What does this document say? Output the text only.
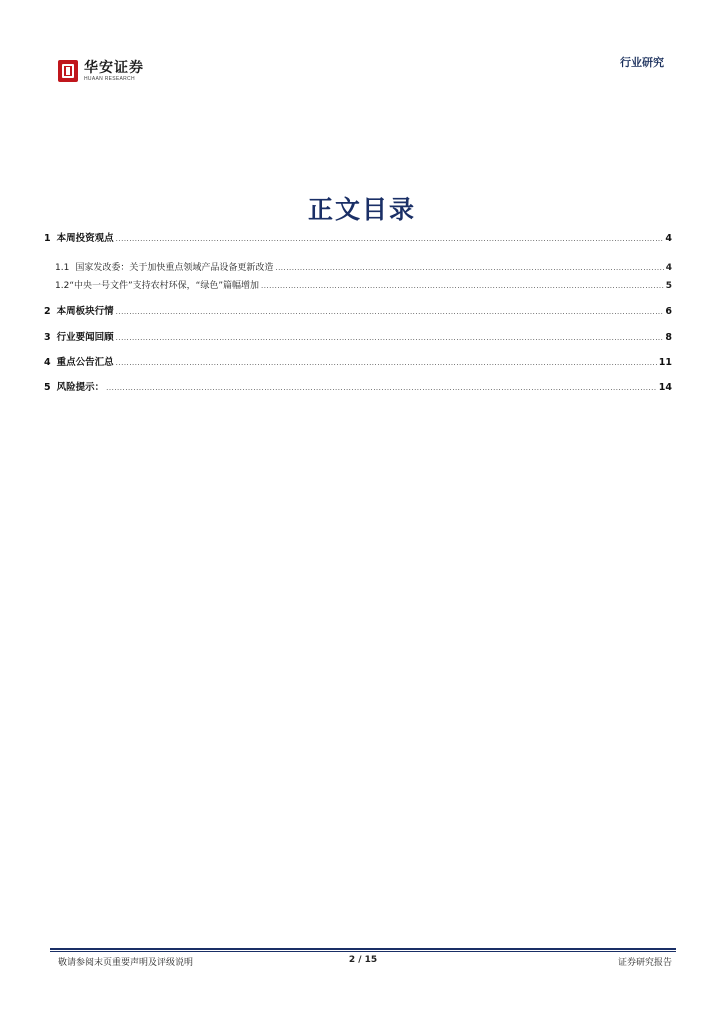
华安证券
HUAAN RESEARCH
行业研究
正文目录
1 本周投资观点 .....	4
1.1 国家发改委：关于加快重点领域产品设备更新改造 .....	4
1.2 “中央一号文件”支持农村环保，“绿色”篇幅增加 .....	5
2 本周板块行情 .....	6
3 行业要闻回顾 .....	8
4 重点公告汇总 .....	11
5 风险提示： .....	14
敬请参阅末页重要声明及评级说明	2 / 15	证券研究报告
